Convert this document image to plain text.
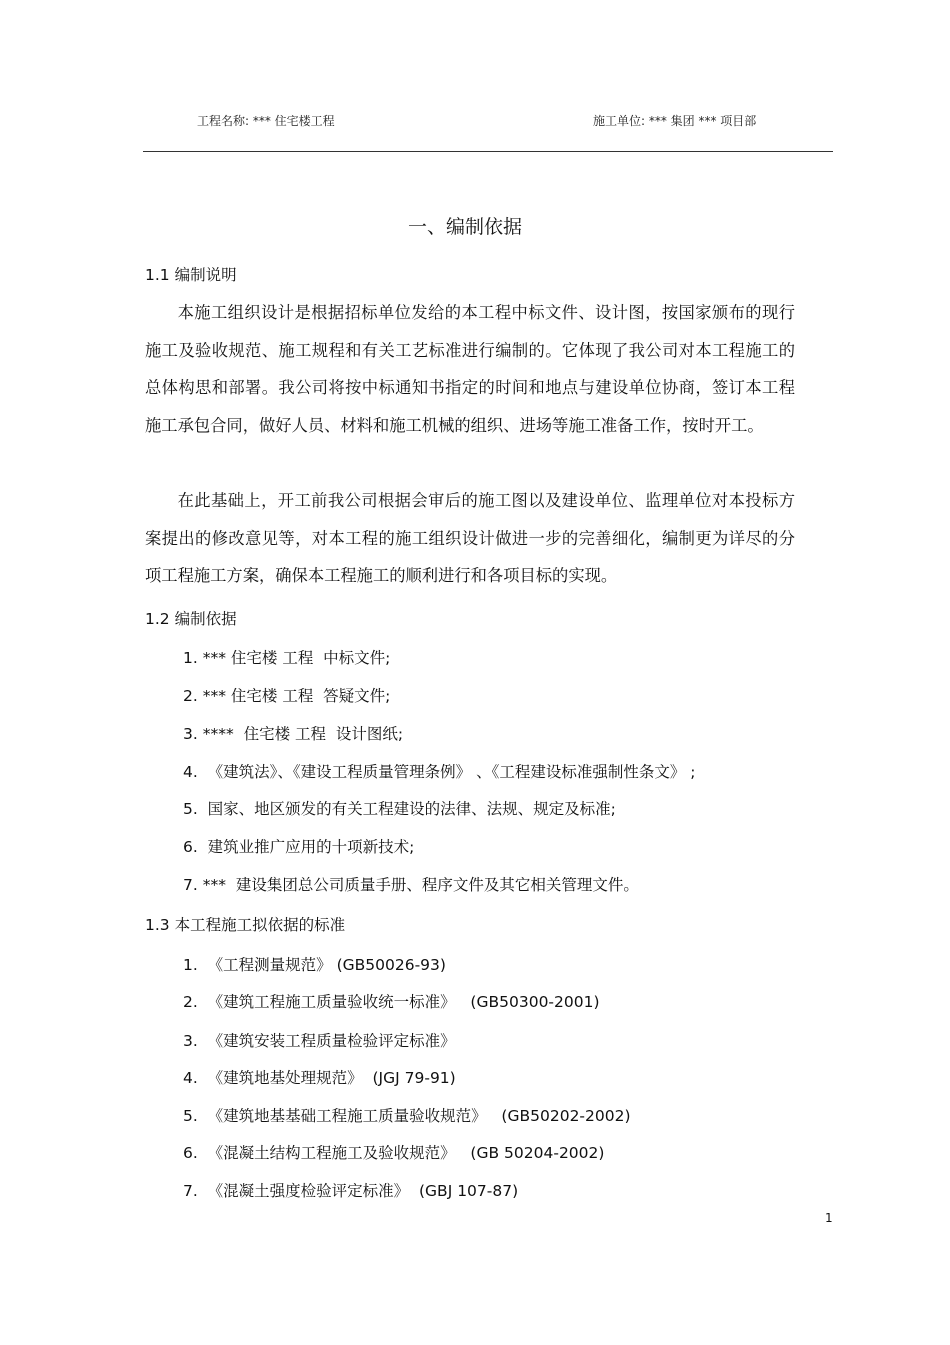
工程名称: *** 住宅楼工程	施工单位: *** 集团 *** 项目部
一、编制依据
1.1 编制说明

本施工组织设计是根据招标单位发给的本工程中标文件、设计图，按国家颁布的现行施工及验收规范、施工规程和有关工艺标准进行编制的。它体现了我公司对本工程施工的总体构思和部署。我公司将按中标通知书指定的时间和地点与建设单位协商，签订本工程施工承包合同，做好人员、材料和施工机械的组织、进场等施工准备工作，按时开工。

在此基础上，开工前我公司根据会审后的施工图以及建设单位、监理单位对本投标方案提出的修改意见等，对本工程的施工组织设计做进一步的完善细化，编制更为详尽的分项工程施工方案，确保本工程施工的顺利进行和各项目标的实现。

1.2 编制依据
1. *** 住宅楼 工程  中标文件;
2. *** 住宅楼 工程  答疑文件;
3. ****  住宅楼 工程  设计图纸;
4.  《建筑法》、《建设工程质量管理条例》 、《工程建设标准强制性条文》 ;
5.  国家、地区颁发的有关工程建设的法律、法规、规定及标准;
6.  建筑业推广应用的十项新技术;
7. ***  建设集团总公司质量手册、程序文件及其它相关管理文件。
1.3 本工程施工拟依据的标准
1.  《工程测量规范》 (GB50026-93)
2.  《建筑工程施工质量验收统一标准》   (GB50300-2001)
3.  《建筑安装工程质量检验评定标准》
4.  《建筑地基处理规范》  (JGJ 79-91)
5.  《建筑地基基础工程施工质量验收规范》   (GB50202-2002)
6.  《混凝土结构工程施工及验收规范》   (GB 50204-2002)
7.  《混凝土强度检验评定标准》  (GBJ 107-87)
1
